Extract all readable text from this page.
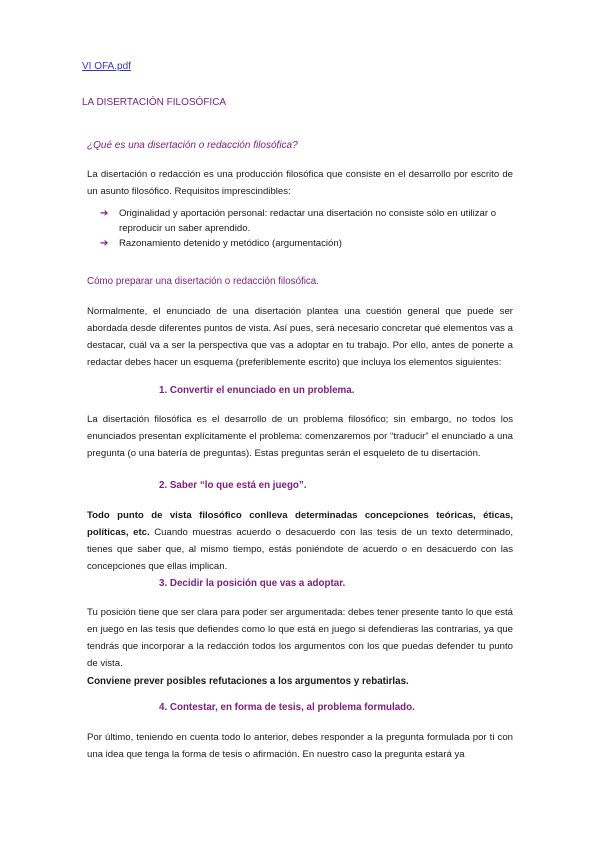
VI OFA.pdf
LA DISERTACIÓN FILOSÓFICA
¿Qué es una disertación o redacción filosófica?

La disertación o redacción es una producción filosófica que consiste en el desarrollo por escrito de un asunto filosófico. Requisitos imprescindibles:

➔ Originalidad y aportación personal: redactar una disertación no consiste sólo en utilizar o reproducir un saber aprendido.
➔ Razonamiento detenido y metódico (argumentación)
Cómo preparar una disertación o redacción filosófica.

Normalmente, el enunciado de una disertación plantea una cuestión general que puede ser abordada desde diferentes puntos de vista. Así pues, será necesario concretar qué elementos vas a destacar, cuál va a ser la perspectiva que vas a adoptar en tu trabajo. Por ello, antes de ponerte a redactar debes hacer un esquema (preferiblemente escrito) que incluya los elementos siguientes:

1. Convertir el enunciado en un problema.

La disertación filosófica es el desarrollo de un problema filosófico; sin embargo, no todos los enunciados presentan explícitamente el problema: comenzaremos por “traducir” el enunciado a una pregunta (o una batería de preguntas). Estas preguntas serán el esqueleto de tu disertación.

2. Saber “lo que está en juego”.

Todo punto de vista filosófico conlleva determinadas concepciones teóricas, éticas, políticas, etc. Cuando muestras acuerdo o desacuerdo con las tesis de un texto determinado, tienes que saber que, al mismo tiempo, estás poniéndote de acuerdo o en desacuerdo con las concepciones que ellas implican.

3. Decidir la posición que vas a adoptar.

Tu posición tiene que ser clara para poder ser argumentada: debes tener presente tanto lo que está en juego en las tesis que defiendes como lo que está en juego si defendieras las contrarias, ya que tendrás que incorporar a la redacción todos los argumentos con los que puedas defender tu punto de vista.

Conviene prever posibles refutaciones a los argumentos y rebatirlas.
4. Contestar, en forma de tesis, al problema formulado.

Por último, teniendo en cuenta todo lo anterior, debes responder a la pregunta formulada por ti con una idea que tenga la forma de tesis o afirmación. En nuestro caso la pregunta estará ya
